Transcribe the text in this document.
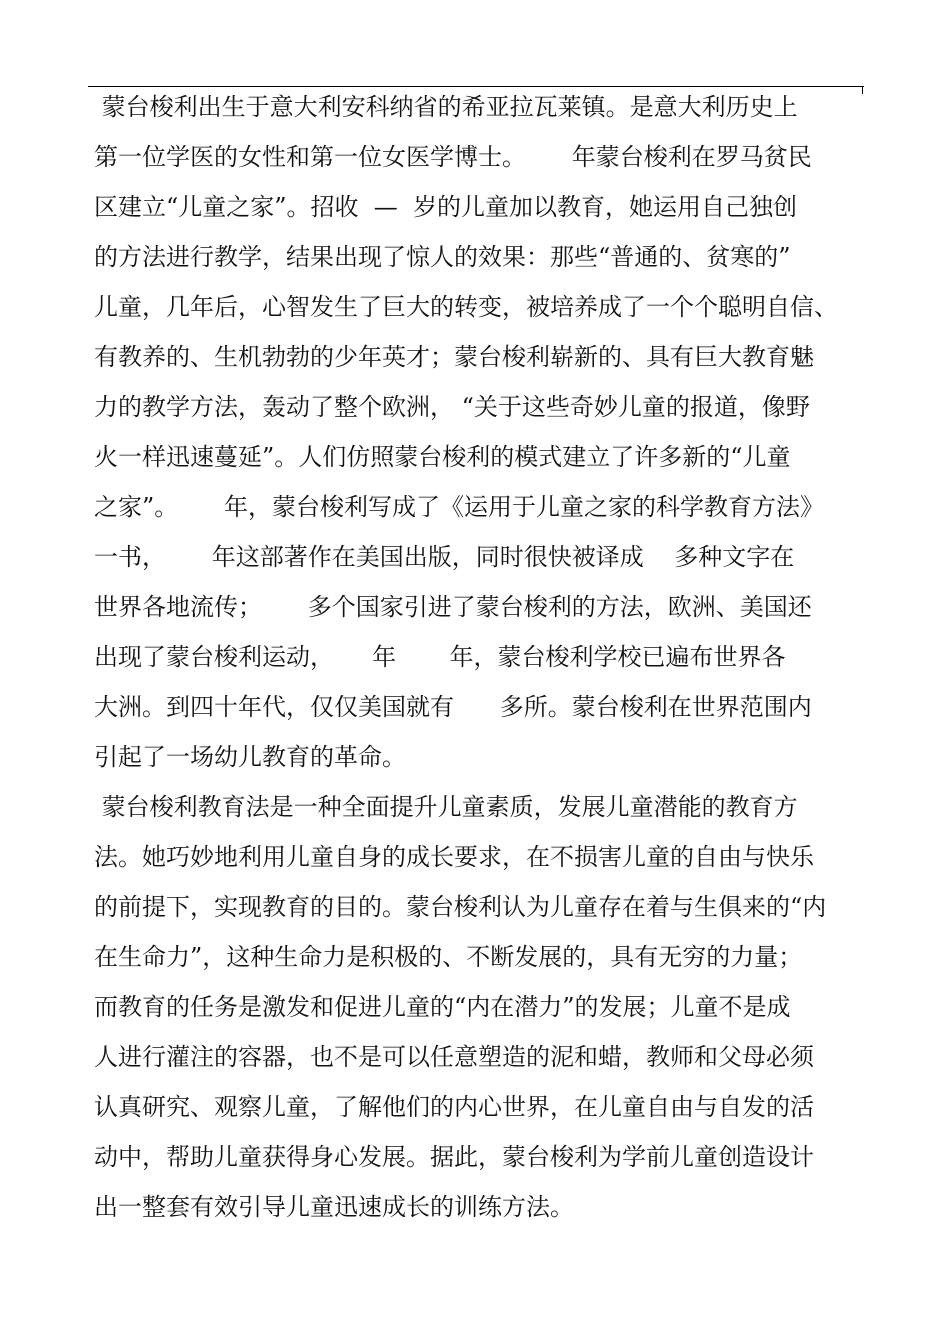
蒙台梭利出生于意大利安科纳省的希亚拉瓦莱镇。是意大利历史上
第一位学医的女性和第一位女医学博士。      年蒙台梭利在罗马贫民
区建立“儿童之家”。招收  —  岁的儿童加以教育，她运用自己独创
的方法进行教学，结果出现了惊人的效果：那些“普通的、贫寒的”
儿童，几年后，心智发生了巨大的转变，被培养成了一个个聪明自信、
有教养的、生机勃勃的少年英才；蒙台梭利崭新的、具有巨大教育魅
力的教学方法，轰动了整个欧洲， “关于这些奇妙儿童的报道，像野
火一样迅速蔓延”。人们仿照蒙台梭利的模式建立了许多新的“儿童
之家”。      年，蒙台梭利写成了《运用于儿童之家的科学教育方法》
一书，      年这部著作在美国出版，同时很快被译成    多种文字在
世界各地流传；      多个国家引进了蒙台梭利的方法，欧洲、美国还
出现了蒙台梭利运动，     年       年，蒙台梭利学校已遍布世界各
大洲。到四十年代，仅仅美国就有      多所。蒙台梭利在世界范围内
引起了一场幼儿教育的革命。
蒙台梭利教育法是一种全面提升儿童素质，发展儿童潜能的教育方
法。她巧妙地利用儿童自身的成长要求，在不损害儿童的自由与快乐
的前提下，实现教育的目的。蒙台梭利认为儿童存在着与生俱来的“内
在生命力”，这种生命力是积极的、不断发展的，具有无穷的力量；
而教育的任务是激发和促进儿童的“内在潜力”的发展；儿童不是成
人进行灌注的容器，也不是可以任意塑造的泥和蜡，教师和父母必须
认真研究、观察儿童，了解他们的内心世界，在儿童自由与自发的活
动中，帮助儿童获得身心发展。据此，蒙台梭利为学前儿童创造设计
出一整套有效引导儿童迅速成长的训练方法。
